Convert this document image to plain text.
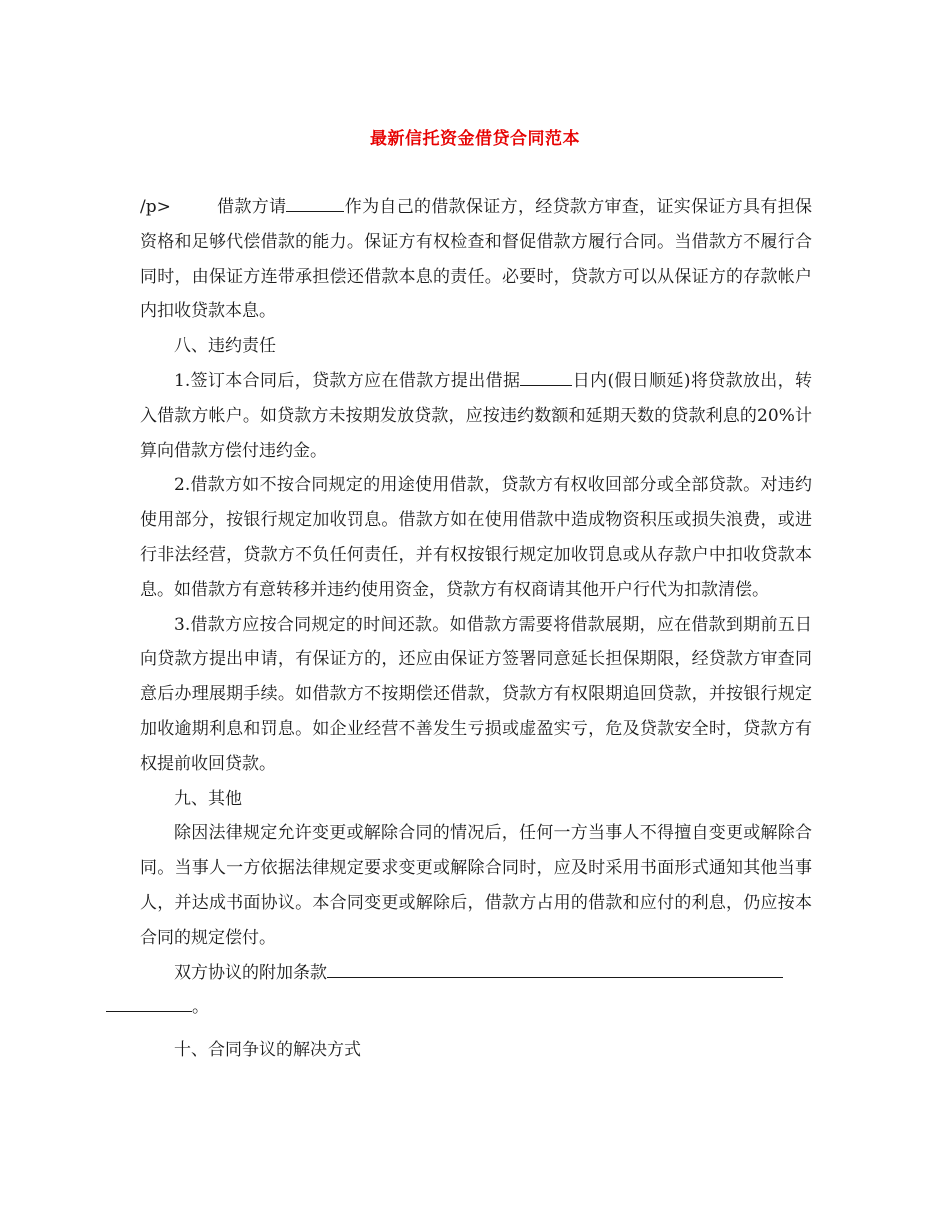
最新信托资金借贷合同范本

/p>	借款方请	作为自己的借款保证方，经贷款方审查，证实保证方具有担保资格和足够代偿借款的能力。保证方有权检查和督促借款方履行合同。当借款方不履行合同时，由保证方连带承担偿还借款本息的责任。必要时，贷款方可以从保证方的存款帐户内扣收贷款本息。

八、违约责任

1.签订本合同后，贷款方应在借款方提出借据	日内(假日顺延)将贷款放出，转入借款方帐户。如贷款方未按期发放贷款，应按违约数额和延期天数的贷款利息的20%计算向借款方偿付违约金。

2.借款方如不按合同规定的用途使用借款，贷款方有权收回部分或全部贷款。对违约使用部分，按银行规定加收罚息。借款方如在使用借款中造成物资积压或损失浪费，或进行非法经营，贷款方不负任何责任，并有权按银行规定加收罚息或从存款户中扣收贷款本息。如借款方有意转移并违约使用资金，贷款方有权商请其他开户行代为扣款清偿。

3.借款方应按合同规定的时间还款。如借款方需要将借款展期，应在借款到期前五日向贷款方提出申请，有保证方的，还应由保证方签署同意延长担保期限，经贷款方审查同意后办理展期手续。如借款方不按期偿还借款，贷款方有权限期追回贷款，并按银行规定加收逾期利息和罚息。如企业经营不善发生亏损或虚盈实亏，危及贷款安全时，贷款方有权提前收回贷款。

九、其他

除因法律规定允许变更或解除合同的情况后，任何一方当事人不得擅自变更或解除合同。当事人一方依据法律规定要求变更或解除合同时，应及时采用书面形式通知其他当事人，并达成书面协议。本合同变更或解除后，借款方占用的借款和应付的利息，仍应按本合同的规定偿付。

双方协议的附加条款
。

十、合同争议的解决方式
